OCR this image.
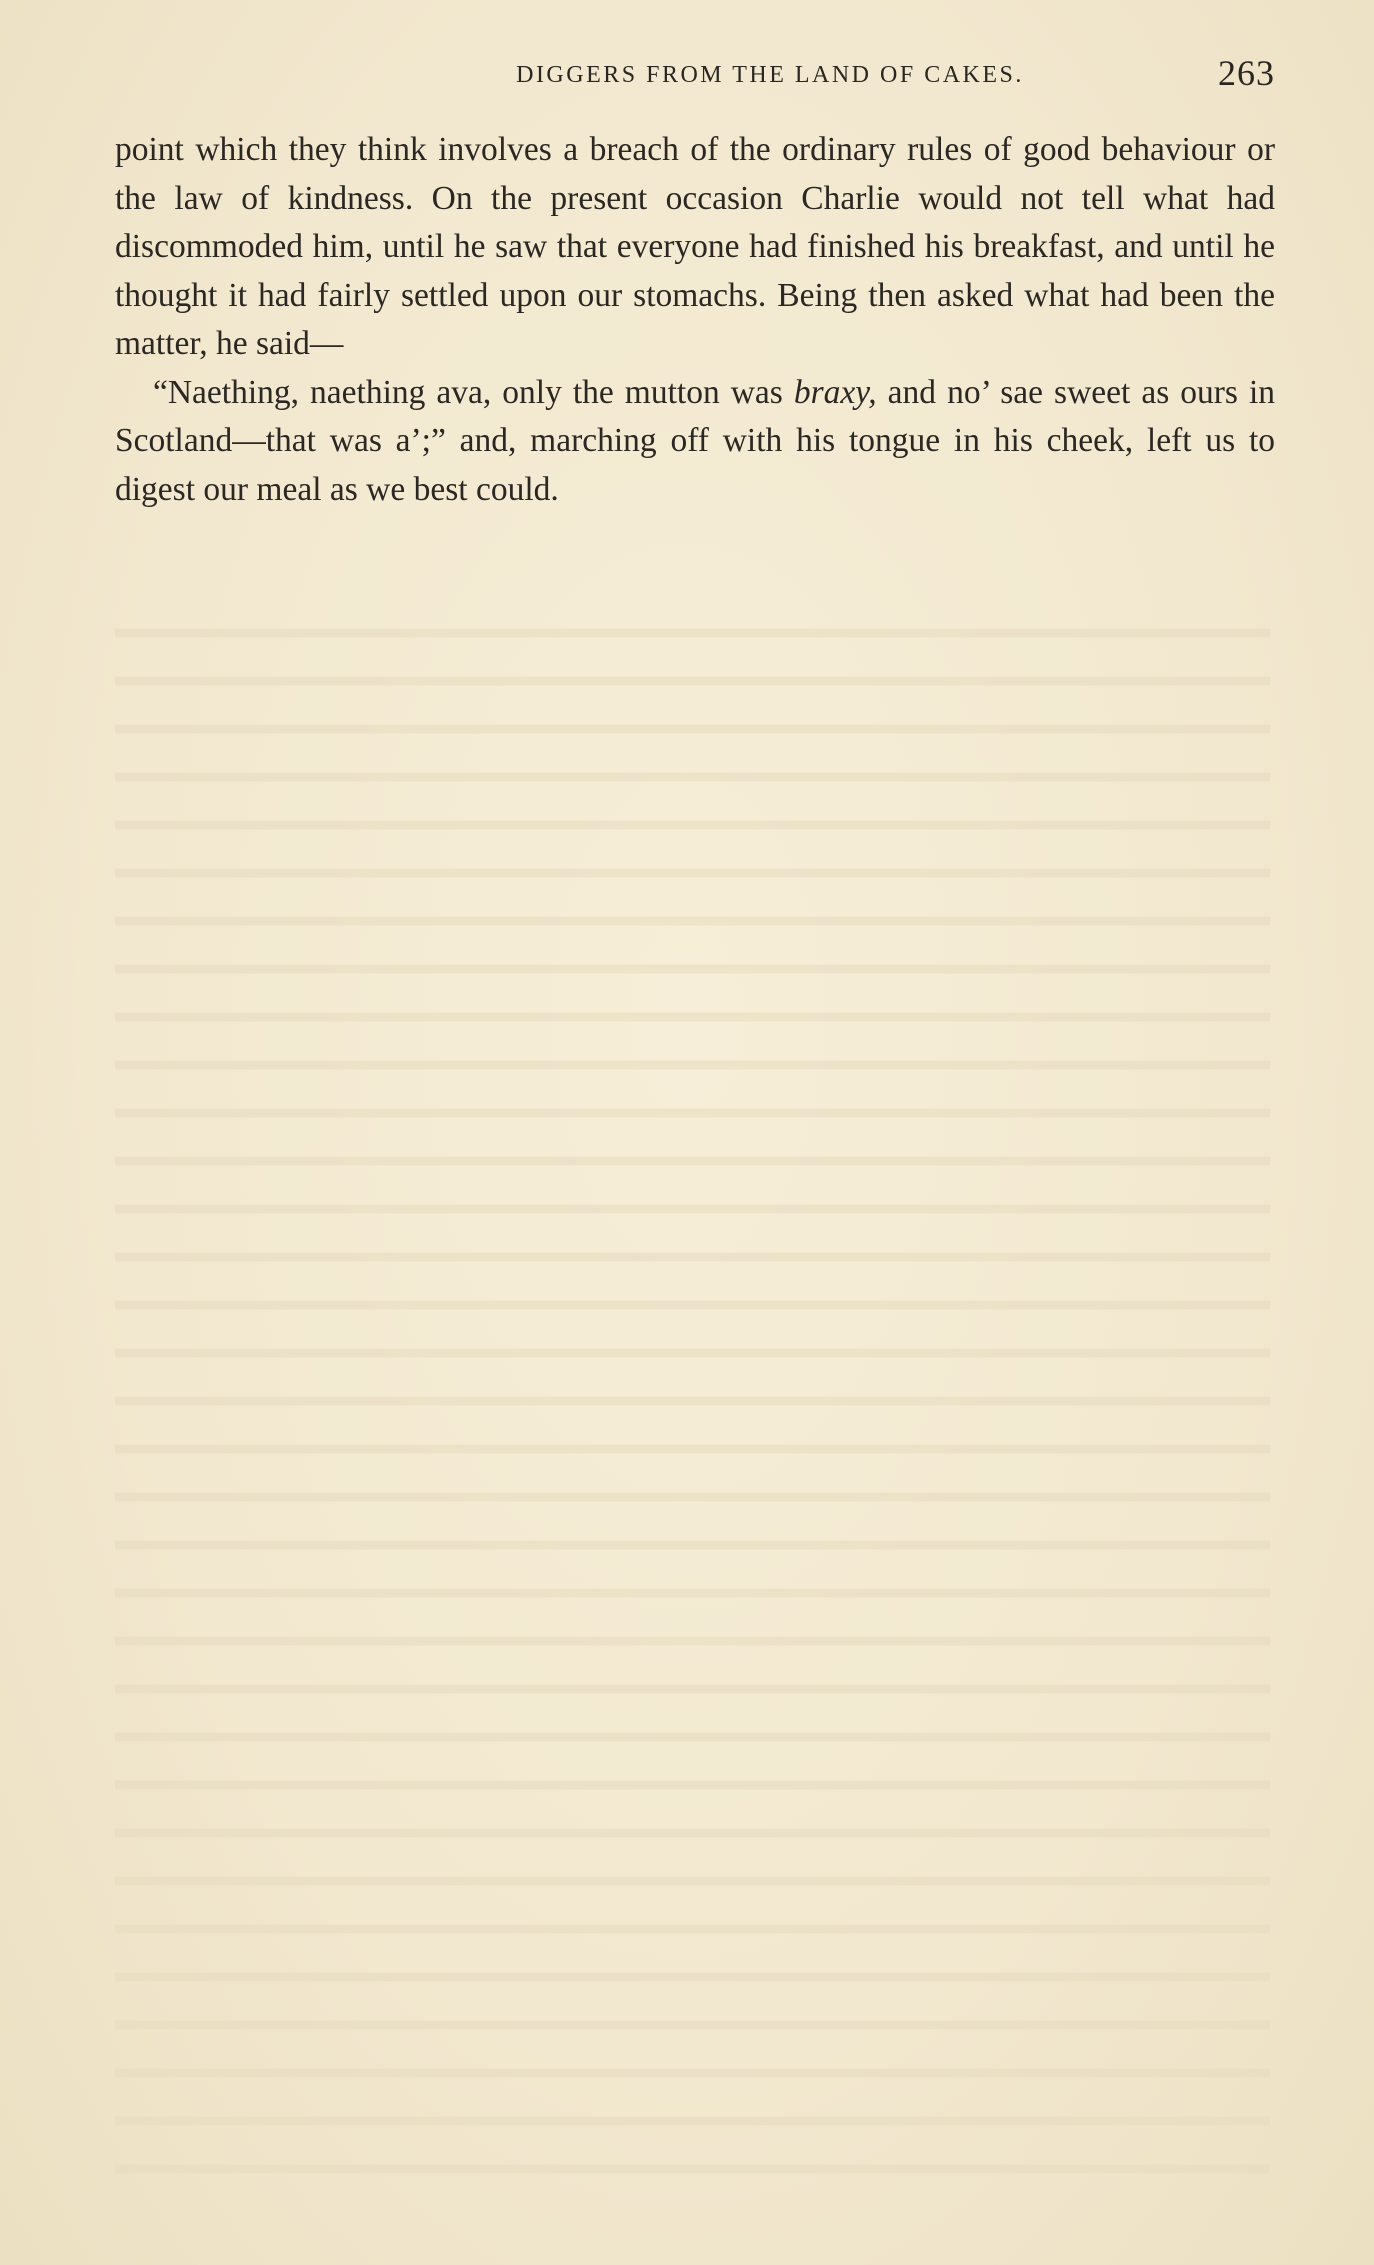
DIGGERS FROM THE LAND OF CAKES.	263

point which they think involves a breach of the ordinary rules of good behaviour or the law of kindness. On the present occasion Charlie would not tell what had discommoded him, until he saw that everyone had finished his breakfast, and until he thought it had fairly settled upon our stomachs. Being then asked what had been the matter, he said—

“Naething, naething ava, only the mutton was braxy, and no’ sae sweet as ours in Scotland—that was a’;” and, marching off with his tongue in his cheek, left us to digest our meal as we best could.
